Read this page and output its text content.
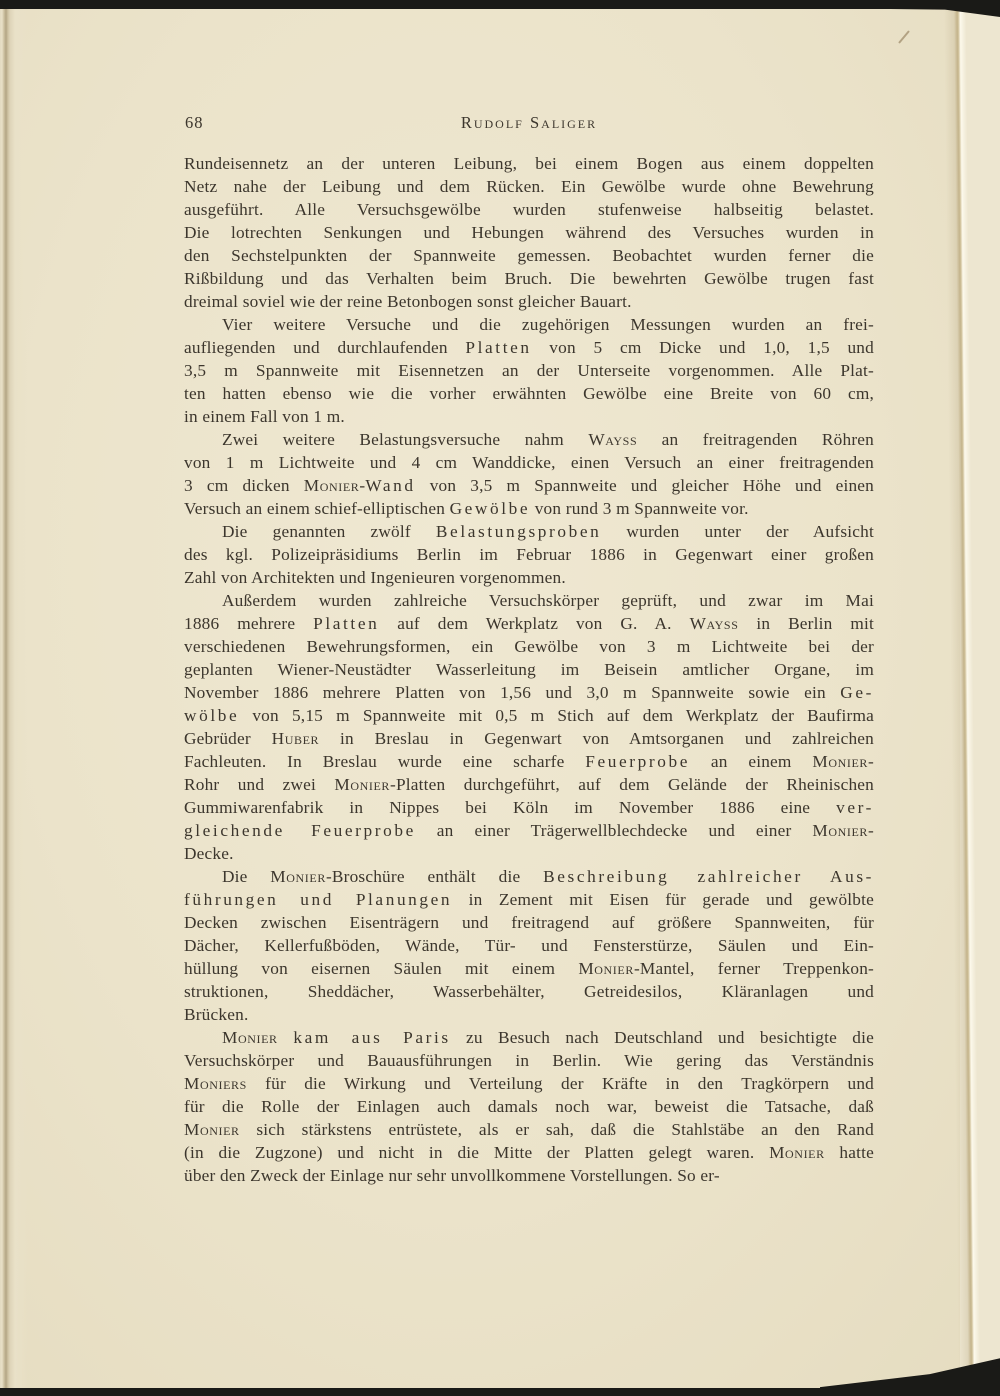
68	Rudolf Saliger
Rundeisennetz an der unteren Leibung, bei einem Bogen aus einem doppelten
Netz nahe der Leibung und dem Rücken. Ein Gewölbe wurde ohne Bewehrung
ausgeführt. Alle Versuchsgewölbe wurden stufenweise halbseitig belastet.
Die lotrechten Senkungen und Hebungen während des Versuches wurden in
den Sechstelpunkten der Spannweite gemessen. Beobachtet wurden ferner die
Rißbildung und das Verhalten beim Bruch. Die bewehrten Gewölbe trugen fast
dreimal soviel wie der reine Betonbogen sonst gleicher Bauart.
Vier weitere Versuche und die zugehörigen Messungen wurden an frei-
aufliegenden und durchlaufenden Platten von 5 cm Dicke und 1,0, 1,5 und
3,5 m Spannweite mit Eisennetzen an der Unterseite vorgenommen. Alle Plat-
ten hatten ebenso wie die vorher erwähnten Gewölbe eine Breite von 60 cm,
in einem Fall von 1 m.
Zwei weitere Belastungsversuche nahm Wayss an freitragenden Röhren
von 1 m Lichtweite und 4 cm Wanddicke, einen Versuch an einer freitragenden
3 cm dicken Monier-Wand von 3,5 m Spannweite und gleicher Höhe und einen
Versuch an einem schief-elliptischen Gewölbe von rund 3 m Spannweite vor.
Die genannten zwölf Belastungsproben wurden unter der Aufsicht
des kgl. Polizeipräsidiums Berlin im Februar 1886 in Gegenwart einer großen
Zahl von Architekten und Ingenieuren vorgenommen.
Außerdem wurden zahlreiche Versuchskörper geprüft, und zwar im Mai
1886 mehrere Platten auf dem Werkplatz von G. A. Wayss in Berlin mit
verschiedenen Bewehrungsformen, ein Gewölbe von 3 m Lichtweite bei der
geplanten Wiener-Neustädter Wasserleitung im Beisein amtlicher Organe, im
November 1886 mehrere Platten von 1,56 und 3,0 m Spannweite sowie ein Ge-
wölbe von 5,15 m Spannweite mit 0,5 m Stich auf dem Werkplatz der Baufirma
Gebrüder Huber in Breslau in Gegenwart von Amtsorganen und zahlreichen
Fachleuten. In Breslau wurde eine scharfe Feuerprobe an einem Monier-
Rohr und zwei Monier-Platten durchgeführt, auf dem Gelände der Rheinischen
Gummiwarenfabrik in Nippes bei Köln im November 1886 eine ver-
gleichende Feuerprobe an einer Trägerwellblechdecke und einer Monier-
Decke.
Die Monier-Broschüre enthält die Beschreibung zahlreicher Aus-
führungen und Planungen in Zement mit Eisen für gerade und gewölbte
Decken zwischen Eisenträgern und freitragend auf größere Spannweiten, für
Dächer, Kellerfußböden, Wände, Tür- und Fensterstürze, Säulen und Ein-
hüllung von eisernen Säulen mit einem Monier-Mantel, ferner Treppenkon-
struktionen, Sheddächer, Wasserbehälter, Getreidesilos, Kläranlagen und
Brücken.
Monier kam aus Paris zu Besuch nach Deutschland und besichtigte die
Versuchskörper und Bauausführungen in Berlin. Wie gering das Verständnis
Moniers für die Wirkung und Verteilung der Kräfte in den Tragkörpern und
für die Rolle der Einlagen auch damals noch war, beweist die Tatsache, daß
Monier sich stärkstens entrüstete, als er sah, daß die Stahlstäbe an den Rand
(in die Zugzone) und nicht in die Mitte der Platten gelegt waren. Monier hatte
über den Zweck der Einlage nur sehr unvollkommene Vorstellungen. So er-
